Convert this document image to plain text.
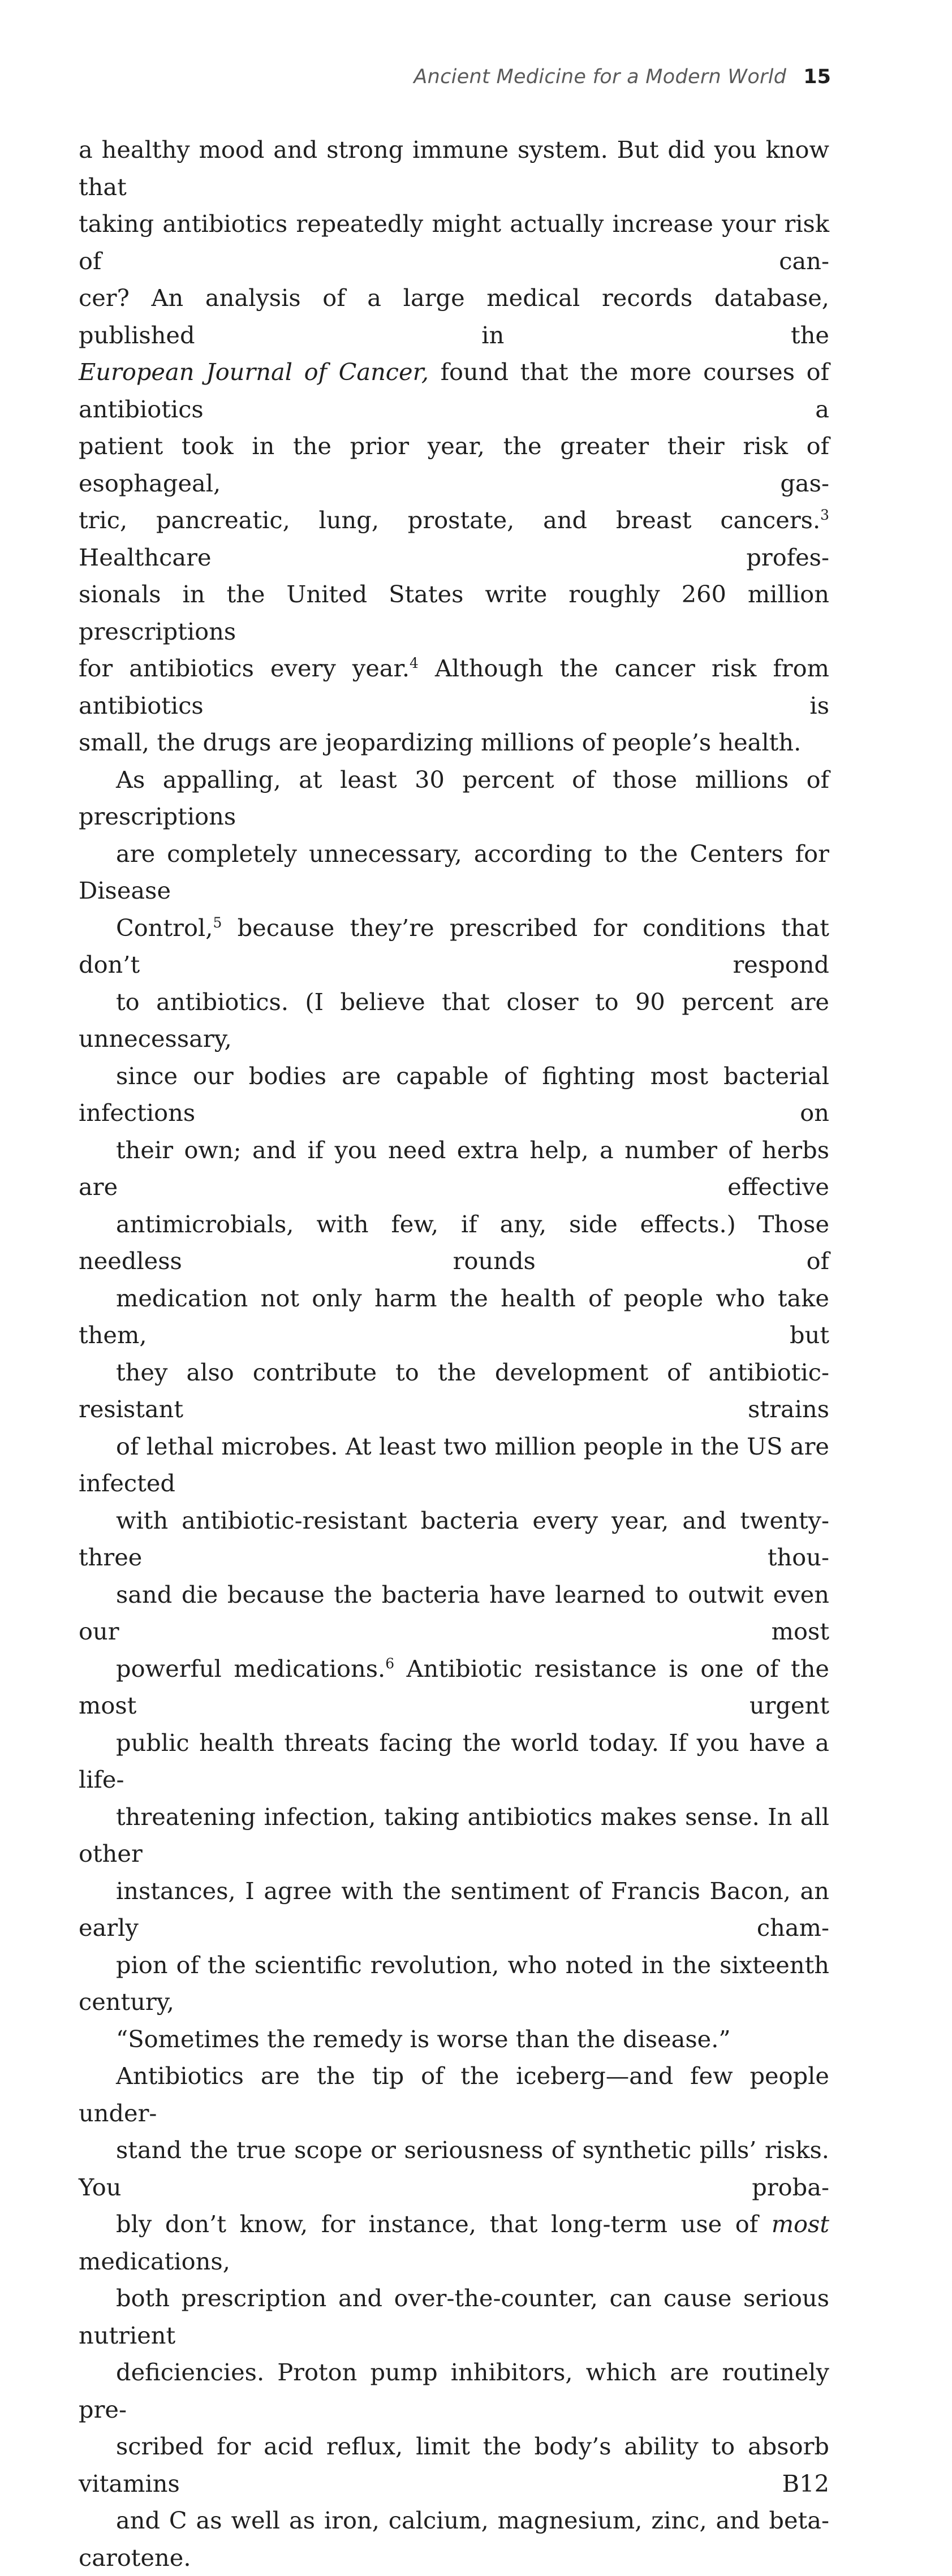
Ancient Medicine for a Modern World 15

a healthy mood and strong immune system. But did you know that
taking antibiotics repeatedly might actually increase your risk of can-
cer? An analysis of a large medical records database, published in the
European Journal of Cancer, found that the more courses of antibiotics a
patient took in the prior year, the greater their risk of esophageal, gas-
tric, pancreatic, lung, prostate, and breast cancers.$^3$ Healthcare profes-
sionals in the United States write roughly 260 million prescriptions
for antibiotics every year.$^4$ Although the cancer risk from antibiotics is
small, the drugs are jeopardizing millions of people’s health.

As appalling, at least 30 percent of those millions of prescriptions
are completely unnecessary, according to the Centers for Disease
Control,$^5$ because they’re prescribed for conditions that don’t respond
to antibiotics. (I believe that closer to 90 percent are unnecessary,
since our bodies are capable of fighting most bacterial infections on
their own; and if you need extra help, a number of herbs are effective
antimicrobials, with few, if any, side effects.) Those needless rounds of
medication not only harm the health of people who take them, but
they also contribute to the development of antibiotic-resistant strains
of lethal microbes. At least two million people in the US are infected
with antibiotic-resistant bacteria every year, and twenty-three thou-
sand die because the bacteria have learned to outwit even our most
powerful medications.$^6$ Antibiotic resistance is one of the most urgent
public health threats facing the world today. If you have a life-
threatening infection, taking antibiotics makes sense. In all other
instances, I agree with the sentiment of Francis Bacon, an early cham-
pion of the scientific revolution, who noted in the sixteenth century,
“Sometimes the remedy is worse than the disease.”

Antibiotics are the tip of the iceberg—and few people under-
stand the true scope or seriousness of synthetic pills’ risks. You proba-
bly don’t know, for instance, that long-term use of most medications,
both prescription and over-the-counter, can cause serious nutrient
deficiencies. Proton pump inhibitors, which are routinely pre-
scribed for acid reflux, limit the body’s ability to absorb vitamins B12
and C as well as iron, calcium, magnesium, zinc, and beta-carotene.
